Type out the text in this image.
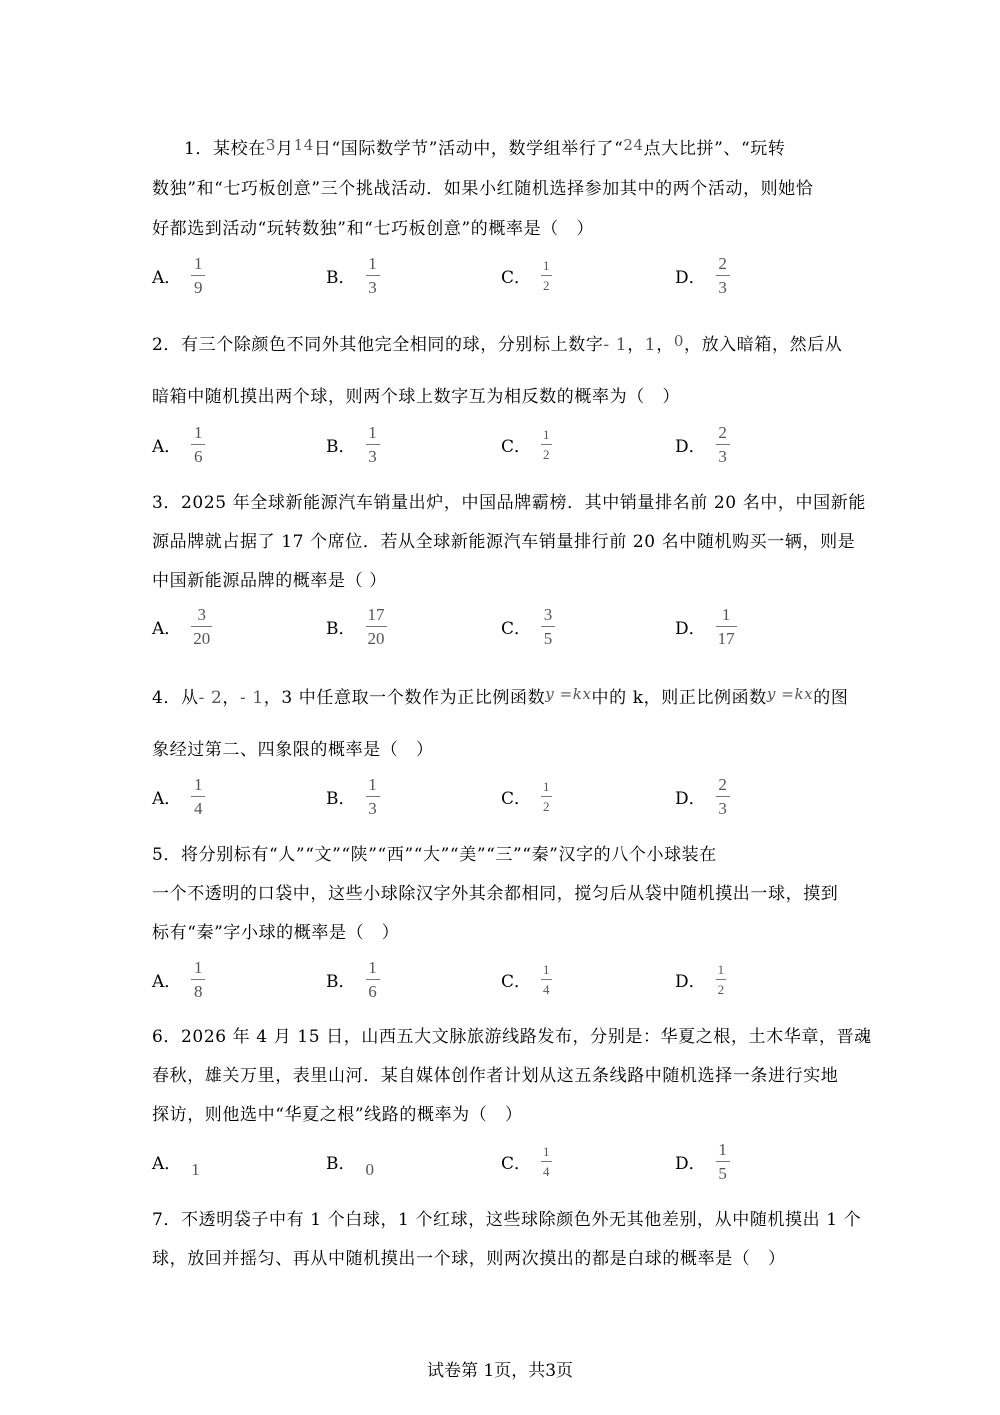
1．某校在3月14日“国际数学节”活动中，数学组举行了“24点大比拼”、“玩转
数独”和“七巧板创意”三个挑战活动．如果小红随机选择参加其中的两个活动，则她恰
好都选到活动“玩转数独”和“七巧板创意”的概率是（　）
A． $\frac{1}{9}$	B． $\frac{1}{3}$	C． $\frac{1}{2}$	D． $\frac{2}{3}$
2．有三个除颜色不同外其他完全相同的球，分别标上数字- 1，1，0，放入暗箱，然后从
暗箱中随机摸出两个球，则两个球上数字互为相反数的概率为（　）
A． $\frac{1}{6}$	B． $\frac{1}{3}$	C． $\frac{1}{2}$	D． $\frac{2}{3}$
3．2025 年全球新能源汽车销量出炉，中国品牌霸榜．其中销量排名前 20 名中，中国新能
源品牌就占据了 17 个席位．若从全球新能源汽车销量排行前 20 名中随机购买一辆，则是
中国新能源品牌的概率是（ ）
A． $\frac{3}{20}$	B． $\frac{17}{20}$	C． $\frac{3}{5}$	D． $\frac{1}{17}$
4．从- 2，- 1，3 中任意取一个数作为正比例函数y =kx中的 k，则正比例函数y =kx的图
象经过第二、四象限的概率是（　）
A． $\frac{1}{4}$	B． $\frac{1}{3}$	C． $\frac{1}{2}$	D． $\frac{2}{3}$
5．将分别标有“人”“文”“陕”“西”“大”“美”“三”“秦”汉字的八个小球装在
一个不透明的口袋中，这些小球除汉字外其余都相同，搅匀后从袋中随机摸出一球，摸到
标有“秦”字小球的概率是（　）
A． $\frac{1}{8}$	B． $\frac{1}{6}$	C． $\frac{1}{4}$	D． $\frac{1}{2}$
6．2026 年 4 月 15 日，山西五大文脉旅游线路发布，分别是：华夏之根，土木华章，晋魂
春秋，雄关万里，表里山河．某自媒体创作者计划从这五条线路中随机选择一条进行实地
探访，则他选中“华夏之根”线路的概率为（　）
A． 1	B． 0	C． $\frac{1}{4}$	D． $\frac{1}{5}$
7．不透明袋子中有 1 个白球，1 个红球，这些球除颜色外无其他差别，从中随机摸出 1 个
球，放回并摇匀、再从中随机摸出一个球，则两次摸出的都是白球的概率是（　）
试卷第 1页，共3页
